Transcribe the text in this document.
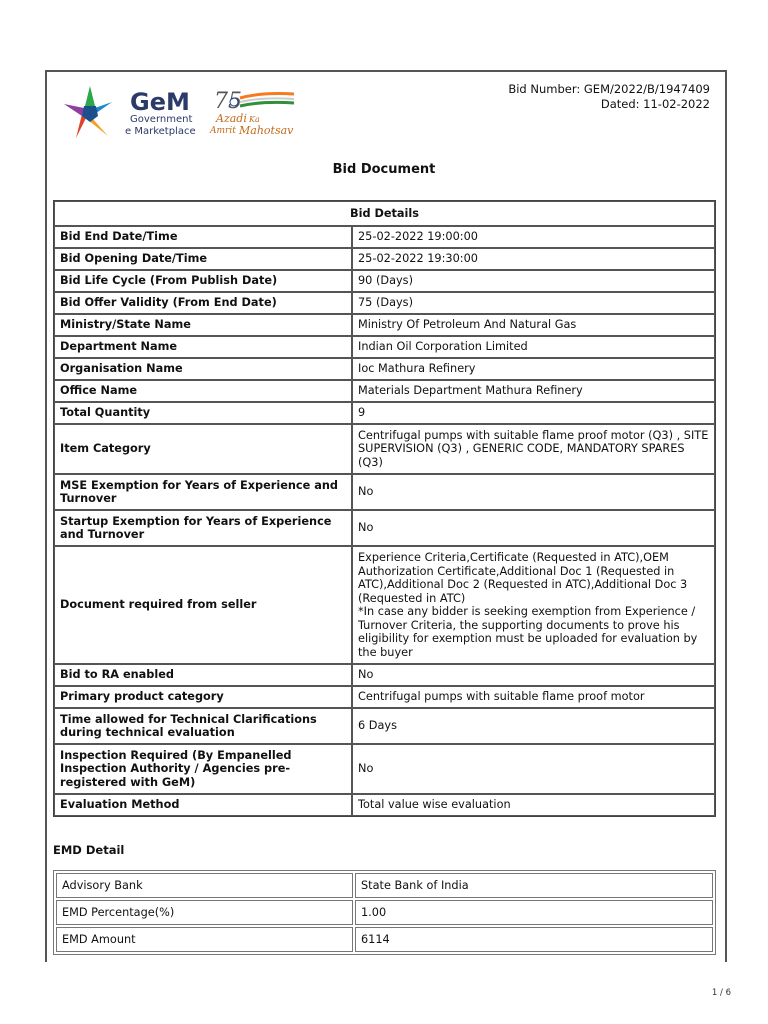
GeM
Government
e Marketplace
75
Azadi Ka
Amrit Mahotsav
Bid Number: GEM/2022/B/1947409
Dated: 11-02-2022
Bid Document
Bid Details	
Bid End Date/Time	25-02-2022 19:00:00
Bid Opening Date/Time	25-02-2022 19:30:00
Bid Life Cycle (From Publish Date)	90 (Days)
Bid Offer Validity (From End Date)	75 (Days)
Ministry/State Name	Ministry Of Petroleum And Natural Gas
Department Name	Indian Oil Corporation Limited
Organisation Name	Ioc Mathura Refinery
Office Name	Materials Department Mathura Refinery
Total Quantity	9
Item Category	Centrifugal pumps with suitable flame proof motor (Q3) , SITE SUPERVISION (Q3) , GENERIC CODE, MANDATORY SPARES (Q3)
MSE Exemption for Years of Experience and Turnover	No
Startup Exemption for Years of Experience and Turnover	No
Document required from seller	Experience Criteria,Certificate (Requested in ATC),OEM Authorization Certificate,Additional Doc 1 (Requested in ATC),Additional Doc 2 (Requested in ATC),Additional Doc 3 (Requested in ATC)
*In case any bidder is seeking exemption from Experience / Turnover Criteria, the supporting documents to prove his eligibility for exemption must be uploaded for evaluation by the buyer
Bid to RA enabled	No
Primary product category	Centrifugal pumps with suitable flame proof motor
Time allowed for Technical Clarifications during technical evaluation	6 Days
Inspection Required (By Empanelled Inspection Authority / Agencies pre-registered with GeM)	No
Evaluation Method	Total value wise evaluation
EMD Detail
Advisory Bank	State Bank of India
EMD Percentage(%)	1.00
EMD Amount	6114
1 / 6
